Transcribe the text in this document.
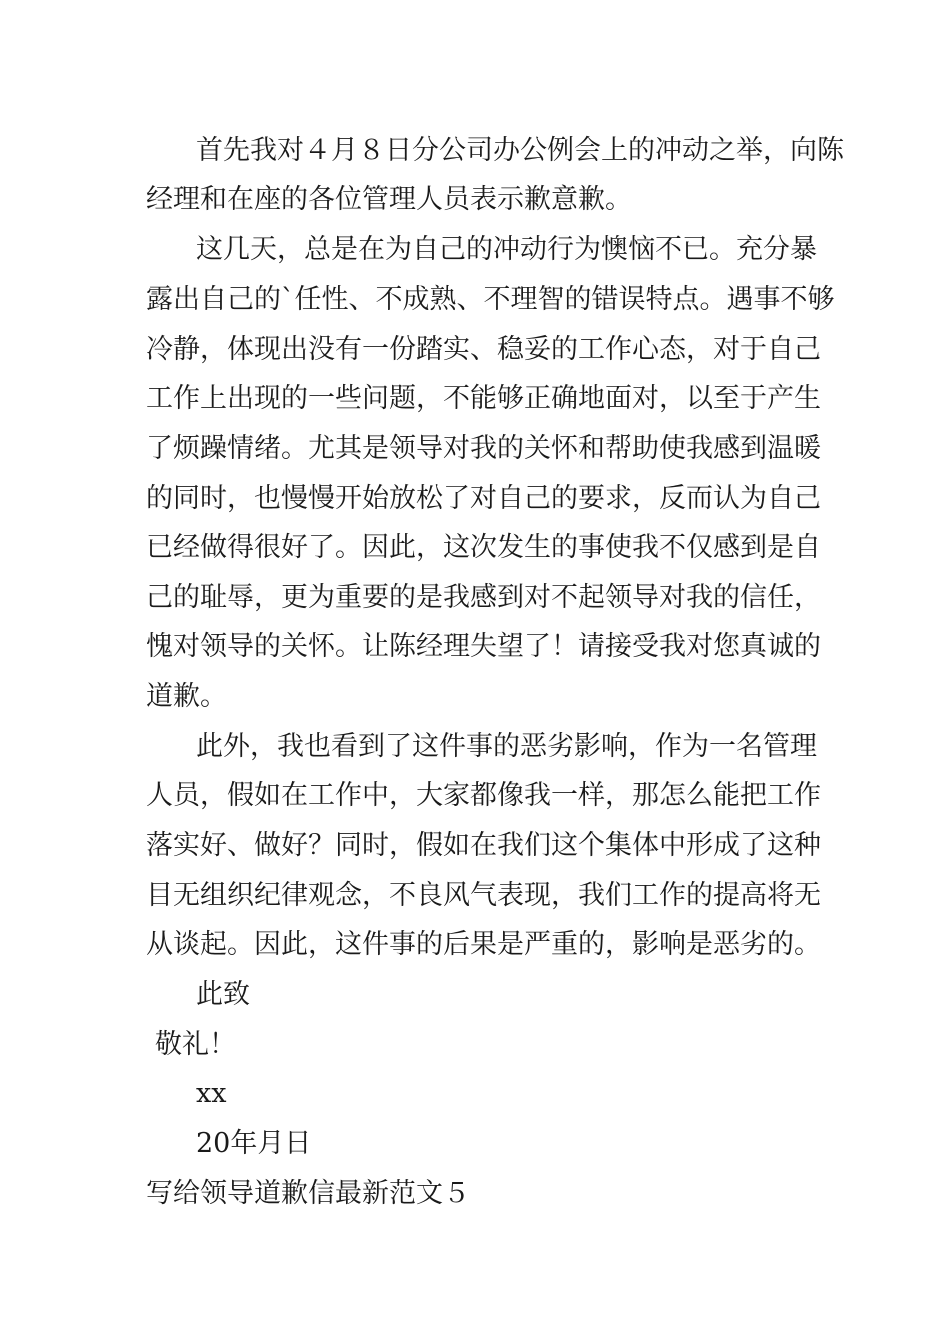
首先我对４月８日分公司办公例会上的冲动之举，向陈
经理和在座的各位管理人员表示歉意歉。
这几天，总是在为自己的冲动行为懊恼不已。充分暴
露出自己的`任性、不成熟、不理智的错误特点。遇事不够
冷静，体现出没有一份踏实、稳妥的工作心态，对于自己
工作上出现的一些问题，不能够正确地面对，以至于产生
了烦躁情绪。尤其是领导对我的关怀和帮助使我感到温暖
的同时，也慢慢开始放松了对自己的要求，反而认为自己
已经做得很好了。因此，这次发生的事使我不仅感到是自
己的耻辱，更为重要的是我感到对不起领导对我的信任，
愧对领导的关怀。让陈经理失望了！请接受我对您真诚的
道歉。
此外，我也看到了这件事的恶劣影响，作为一名管理
人员，假如在工作中，大家都像我一样，那怎么能把工作
落实好、做好？同时，假如在我们这个集体中形成了这种
目无组织纪律观念，不良风气表现，我们工作的提高将无
从谈起。因此，这件事的后果是严重的，影响是恶劣的。
此致
敬礼！
xx
20年月日
写给领导道歉信最新范文５
